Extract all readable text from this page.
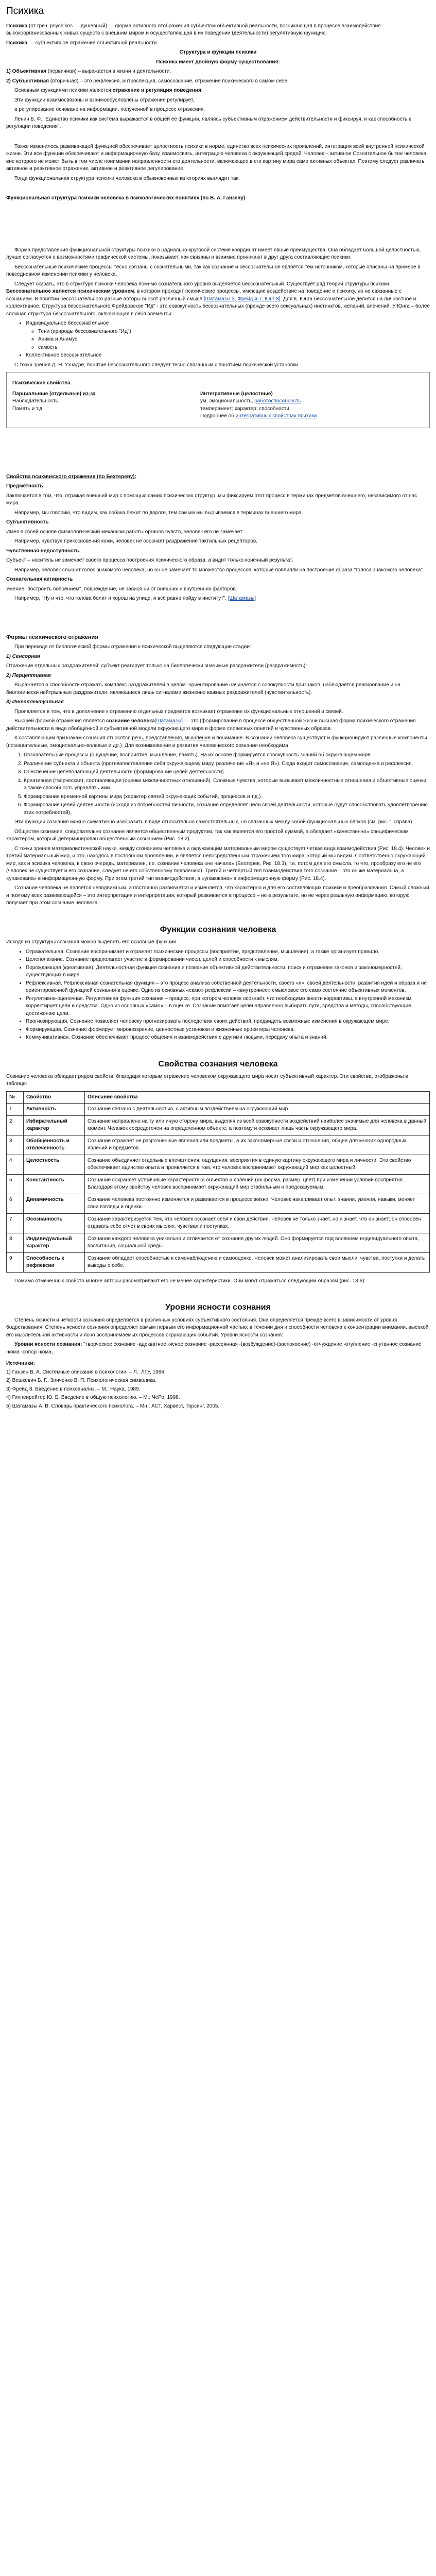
Психика

Психика (от греч. psychikos — душевный) — форма активного отображения субъектом объективной реальности, возникающая в процессе взаимодействия высокоорганизованных живых существ с внешним миром и осуществляющая в их поведении (деятельности) регулятивную функцию.

Психика — субъективное отражение объективной реальности.

Структура и функции психики

Психика имеет двойную форму существования:

1) Объективная (первичная) – выражается в жизни и деятельности.

2) Субъективная (вторичная) – это рефлексия, интроспекция, самосознание, отражение психического в самом себе.

Основным функциями психики является отражение и регуляция поведения:

Эти функции взаимосвязаны и взаимообусловлены отражение регулирует,

а регулирование основано на информации, полученной в процессе отражения.

Ленин Б. Ф.:"Единство психики как система выражается в общей ее функции, являясь субъективным отражением действительности и фиксируя, и как способность к регуляции поведения".

Также изменилось развивающей функцией обеспечивает целостность психики в норме, единство всех психических проявлений, интеграция всей внутренней психической жизни. Эти все функции обеспечивают и информационную базу, взаимосвязь, интеграцию человека с окружающей средой. Человек – активное Сознательное бытие человека, вне которого не может быть в том числе понимании направленности его деятельности, включающее в его картину мира само активных объектах. Поэтому следует различать активное и реактивное отражение, активное и реактивное регулирование.

Тогда функциональная структура психики человека в обыкновенных категориях выглядит так:

Функциональная структура психики человека в психологических понятиях (по В. А. Ганзену)

Форма представления функциональной структуры психики в радиально-круговой системе координат имеет явные преимущества. Она обладает большой целостностью, лучше согласуется с возможностями графической системы, показывает, как связаны и взаимно проникают в друг друга составляющие психики.

Бессознательные психические процессы тесно связаны с сознательными, так как сознание и бессознательное является тем источником, которые описаны на примере в повседневном изменении психики у человека.

Следует сказать, что в структуре психики человека помимо сознательного уровня выделяется бессознательный. Существует ряд теорий структуры психики. Бессознательное является психическим уровнем, в котором проходят психические процессы, имеющие воздействие на поведение и психику, но не связанные с сознанием. В понятии бессознательного разные авторы вносят различный смысл [Шатамазы 3, Фрейд 4-7, Юнг 8]. Для К. Юнга бессознательное делится на личностное и коллективное. Структура бессознательного Фрейдовское "Ид" - это совокупность бессознательных (прежде всего сексуальных) инстинктов, желаний, влечений. У Юнга – более сложная структура бессознательного, включающая в себя элементы:

• Индивидуальное бессознательное
◦ Тени (природы бессознательного "Ид")
◦ Анима и Анимус
◦ самость
• Коллективное бессознательное

С точки зрения Д. Н. Узнадзе, понятие бессознательного следует тесно связанным с понятием психической установки.

Психические свойства

Парциальные (отдельные) из-за
Наблюдательность
Память и т.д.

Интегративные (целостные)
ум, эмоциональность, работоспособность
темперамент; характер; способности
Подробнее об интегративных свойствах психики

Свойства психического отражения (по Бехтереву):

Предметность

Заключается в том, что, отражая внешний мир с помощью самих психических структур, мы фиксируем этот процесс в терминах предметов внешнего, независимого от нас мира.

Например, мы говорим, что видим, как собака бежит по дороге, тем самым мы вырываемся в терминах внешнего мира.

Субъективность

Имея в своей основе физиологический механизм работы органов чувств, человек его не замечает.

Например, чувствуя прикосновения кожи, человек не осознает раздражение тактильных рецепторов.

Чувственная недоступность

Субъект – носитель не замечает своего процесса построения психического образа, а видит только конечный результат.

Например, человек слышит голос знакомого человека, но он не замечает то множество процессов, которые повлияли на построение образа "голоса знакомого человека".

Сознательная активность

Умение "построить вопрением", повреждение, не завися ни от внешних и внутренних факторов.

Например, "Ну и что, что голова болит и хорош на улице, я всё равно пойду в институт". [Шатамазы]

Формы психического отражения

При переходе от биологической формы отражения к психической выделяются следующие стадии:

1) Сенсорная

Отражение отдельных раздражителей: субъект реагирует только на биологически значимые раздражители (раздражимость):

2) Перцептивная

Выражается в способности отражать комплекс раздражителей в целом: ориентирование начинается с совокупности признаков, наблюдается реагирование и на биологически нейтральные раздражители, являющиеся лишь сигналами жизненно важных раздражителей (чувствительность).

3) Интеллектуальная

Проявляется в том, что в дополнение к отражению отдельных предметов возникает отражение их функциональных отношений и связей.

Высшей формой отражения является сознание человека[Шатамазы] — это (формирование в процессе общественной жизни высшая форма психического отражения действительности в виде обобщённой и субъективной модели окружающего мира в форме словесных понятий и чувственных образов.

К составляющим признакам сознания относятся речь, представления, мышление и понимание. В сознании человека существуют и функционируют различные компоненты (познавательные, эмоционально-волевые и др.). Для возникновения и развития человеческого сознания необходима

1. Познавательные процессы (ощущение, восприятие, мышление, память). На их основе формируется совокупность знаний об окружающем мире.
2. Различение субъекта и объекта (противопоставление себя окружающему миру, различение «Я» и «не Я»). Сюда входит самосознание, самооценка и рефлексия.
3. Обеспечение целеполагающей деятельности (формирование целей деятельности).
4. Креативная (творческая), составляющая (оценки межличностных отношений). Сложные чувства, которые вызывают межличностные отношения и объективные оценки, а также способность управлять ими.
5. Формирование временной картины мира (характер связей окружающих событий, процессов и т.д.).
6. Формирование целей деятельности (исходя из потребностей личности, сознание определяет цели своей деятельности, которые будут способствовать удовлетворению этих потребностей).

Эти функции сознания можно схематично изобразить в виде относительно самостоятельных, но связанных между собой функциональных блоков (см. рис. 1 справа).

Обществе сознание, следовательно сознание является общественным продуктом, так как является его простой суммой, а обладает «качественно» специфическим характером, который детерминирован общественным сознанием (Рис. 18.2).

С точки зрения материалистической науки, между сознанием человека и окружающим материальным миром существует четкая вида взаимодействия (Рис. 18.4). Человек и третий материальный мир, и это, находясь в постоянном проявлении, и является непосредственным отражением того мира, который мы видим. Соответственно окружающий мир, как и психика человека, в свою очередь, материален, т.е. сознание человека «не начала» (Бехтерев, Рис. 18.3), т.е. потом для его смысла, то что, прообразу его не его (человек не существует и его сознание, следует не его собственному появлению). Третий и четвёртый тип взаимодействия того сознание – это он же материальна, а «упакована» в информационную форму. При этом третий тип взаимодействия, а «упакована» в информационную форму (Рис. 18.4).

Сознание человека не является неподвижным, а постоянно развивается и изменяется, что характерно и для его составляющих психики и преобразования. Самый сложный и поэтому всех развивающейся – это интерпретация и интерпретация, который развивается в процессе – не в результате, но не через реальную информацию, которую получает при этом сознание человека.

Функции сознания человека

Исходя из структуры сознания можно выделить его основные функции.

• Отражательная. Сознание воспринимает и отражает психические процессы (восприятие, представление, мышление), а также организует правило.
• Целеполагание. Сознание предполагает участие в формировании чисел, целей и способности к мыслям.
• Порождающая (креативная). Деятельностная функция сознания и познание объективной действительности, поиск и отражение законов и закономерностей, существующих в мире.
• Рефлексивная. Рефлексивная сознательная функция – это процесс анализа собственной деятельности, своего «я», своей деятельности, развития идей и образа и не ориентировочной функцией сознания в оценке. Одно из основных «само» рефлексии – «внутреннее» смысловое его само состояние объективных моментов.
• Регулятивно-оценочная. Регулятивная функция сознания – процесс, при котором человек осознаёт, что необходимо внести коррективы, а внутренний механизм корректирует цели и средства. Одно из основных «само» – в оценке. Сознание помогает целенаправленно выбирать пути, средства и методы, способствующие достижению цели.
• Прогнозирующая. Сознание позволяет человеку прогнозировать последствия своих действий, предвидеть возможные изменения в окружающем мире.
• Формирующая. Сознание формирует мировоззрение, ценностные установки и жизненные ориентиры человека.
• Коммуникативная. Сознание обеспечивает процесс общения и взаимодействия с другими людьми, передачу опыта и знаний.

Свойства сознания человека

Сознание человека обладает рядом свойств, благодаря которым отражение человеком окружающего мира носит субъективный характер. Эти свойства, отображены в таблице:

№	Свойство	Описание свойства
1	Активность	Сознание связано с деятельностью, с активным воздействием на окружающий мир.
2	Избирательный характер	Сознание направлено на ту или иную сторону мира, выделяя из всей совокупности воздействий наиболее значимые для человека в данный момент. Человек сосредоточен на определенном объекте, а поэтому и осознает лишь часть окружающего мира.
3	Обобщённость и отвлечённость	Сознание отражает не разрозненные явления или предметы, а их закономерные связи и отношения, общие для многих однородных явлений и предметов.
4	Целостность	Сознание объединяет отдельные впечатления, ощущения, восприятия в единую картину окружающего мира и личности. Это свойство обеспечивает единство опыта и проявляется в том, что человек воспринимает окружающий мир как целостный.
5	Константность	Сознание сохраняет устойчивые характеристики объектов и явлений (их форма, размер, цвет) при изменении условий восприятия. Благодаря этому свойству человек воспринимает окружающий мир стабильным и предсказуемым.
6	Динамичность	Сознание человека постоянно изменяется и развивается в процессе жизни. Человек накапливает опыт, знания, умения, навыки, меняет свои взгляды и оценки.
7	Осознанность	Сознание характеризуется тем, что человек осознает себя и свои действия. Человек не только знает, но и знает, что он знает; он способен отдавать себе отчет в своих мыслях, чувствах и поступках.
8	Индивидуальный характер	Сознание каждого человека уникально и отличается от сознания других людей. Оно формируется под влиянием индивидуального опыта, воспитания, социальной среды.
9	Способность к рефлексии	Сознание обладает способностью к самонаблюдению и самооценке. Человек может анализировать свои мысли, чувства, поступки и делать выводы о себе.

Помимо отмеченных свойств многие авторы рассматривают его не менее характеристики. Они могут отражаться следующим образом (рис. 18.6):

Уровни ясности сознания

Степень ясности и четкости сознания определяется в различных условиях субъективного состояния. Она определяется прежде всего в зависимости от уровня бодрствования. Степень ясности сознания определяет самым первым его информационной частью: в течении дня и способности человека к концентрации внимания, высокой его мыслительной активности и ясно воспринимаемых процессов окружающих событий. Уровни ясности сознания:

Уровни ясности сознания: "творческое сознание -адекватное -ясное сознание -рассеянная -(возбуждение)-(заспокоение) -отчуждение -отупление -спутанное сознание -кома -сопор -кома,

Источники:

1) Ганзен В. А. Системные описания в психологии. – Л.: ЛГУ, 1984.

2) Вешкевич Б. Г., Зинченко В. П. Психологическая символика.

3) Фрейд З. Введение в психоанализ. – М.: Наука, 1989.

4) Гиппенрейтер Ю. Б. Введение в общую психологию. – М.: ЧеРо, 1998.

5) Шатамазы А. В. Словарь практического психолога. – Мн.: АСТ, Харвест, Торсинг, 2005.
